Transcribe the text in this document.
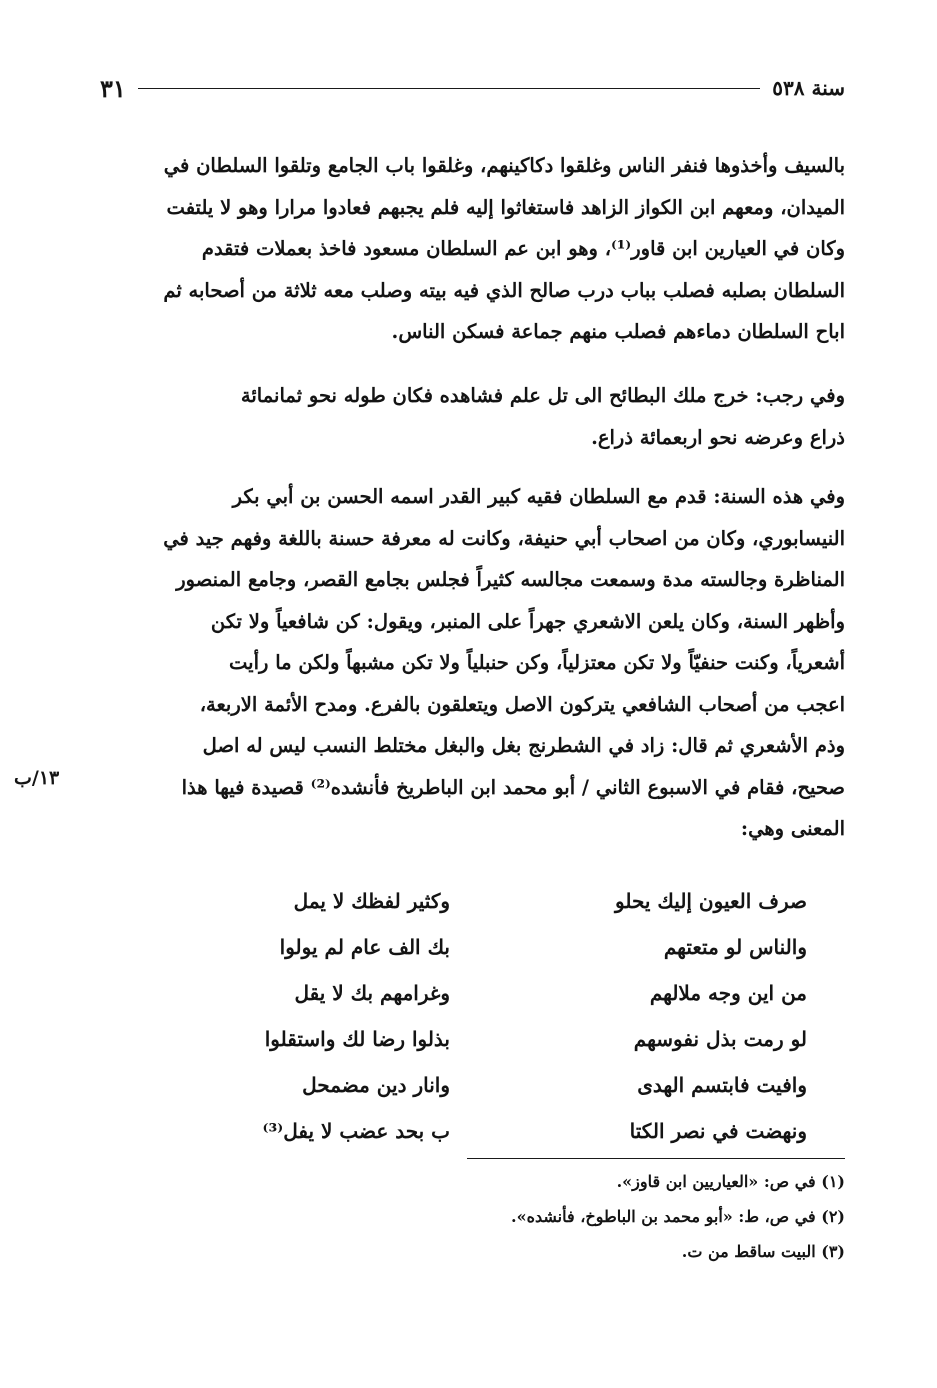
سنة ٥٣٨
٣١
بالسيف وأخذوها فنفر الناس وغلقوا دكاكينهم، وغلقوا باب الجامع وتلقوا السلطان في
الميدان، ومعهم ابن الكواز الزاهد فاستغاثوا إليه فلم يجبهم فعادوا مرارا وهو لا يلتفت
وكان في العيارين ابن قاور⁽¹⁾، وهو ابن عم السلطان مسعود فاخذ بعملات فتقدم
السلطان بصلبه فصلب بباب درب صالح الذي فيه بيته وصلب معه ثلاثة من أصحابه ثم
اباح السلطان دماءهم فصلب منهم جماعة فسكن الناس.
وفي رجب: خرج ملك البطائح الى تل علم فشاهده فكان طوله نحو ثمانمائة
ذراع وعرضه نحو اربعمائة ذراع.
وفي هذه السنة: قدم مع السلطان فقيه كبير القدر اسمه الحسن بن أبي بكر
النيسابوري، وكان من اصحاب أبي حنيفة، وكانت له معرفة حسنة باللغة وفهم جيد في
المناظرة وجالسته مدة وسمعت مجالسه كثيراً فجلس بجامع القصر، وجامع المنصور
وأظهر السنة، وكان يلعن الاشعري جهراً على المنبر، ويقول: كن شافعياً ولا تكن
أشعرياً، وكنت حنفيّاً ولا تكن معتزلياً، وكن حنبلياً ولا تكن مشبهاً ولكن ما رأيت
اعجب من أصحاب الشافعي يتركون الاصل ويتعلقون بالفرع. ومدح الأئمة الاربعة،
وذم الأشعري ثم قال: زاد في الشطرنج بغل والبغل مختلط النسب ليس له اصل
صحيح، فقام في الاسبوع الثاني / أبو محمد ابن الباطريخ فأنشده⁽²⁾ قصيدة فيها هذا
المعنى وهي:
١٣/ب
صرف العيون إليك يحلو
وكثير لفظك لا يمل
والناس لو متعتهم
بك الف عام لم يولوا
من اين وجه ملالهم
وغرامهم بك لا يقل
لو رمت بذل نفوسهم
بذلوا رضا لك واستقلوا
وافيت فابتسم الهدى
وانار دين مضمحل
ونهضت في نصر الكتا
ب بحد عضب لا يفل⁽³⁾
(١) في ص: «العياريين ابن قاوز».
(٢) في ص، ط: «أبو محمد بن الباطوخ، فأنشده».
(٣) البيت ساقط من ت.
